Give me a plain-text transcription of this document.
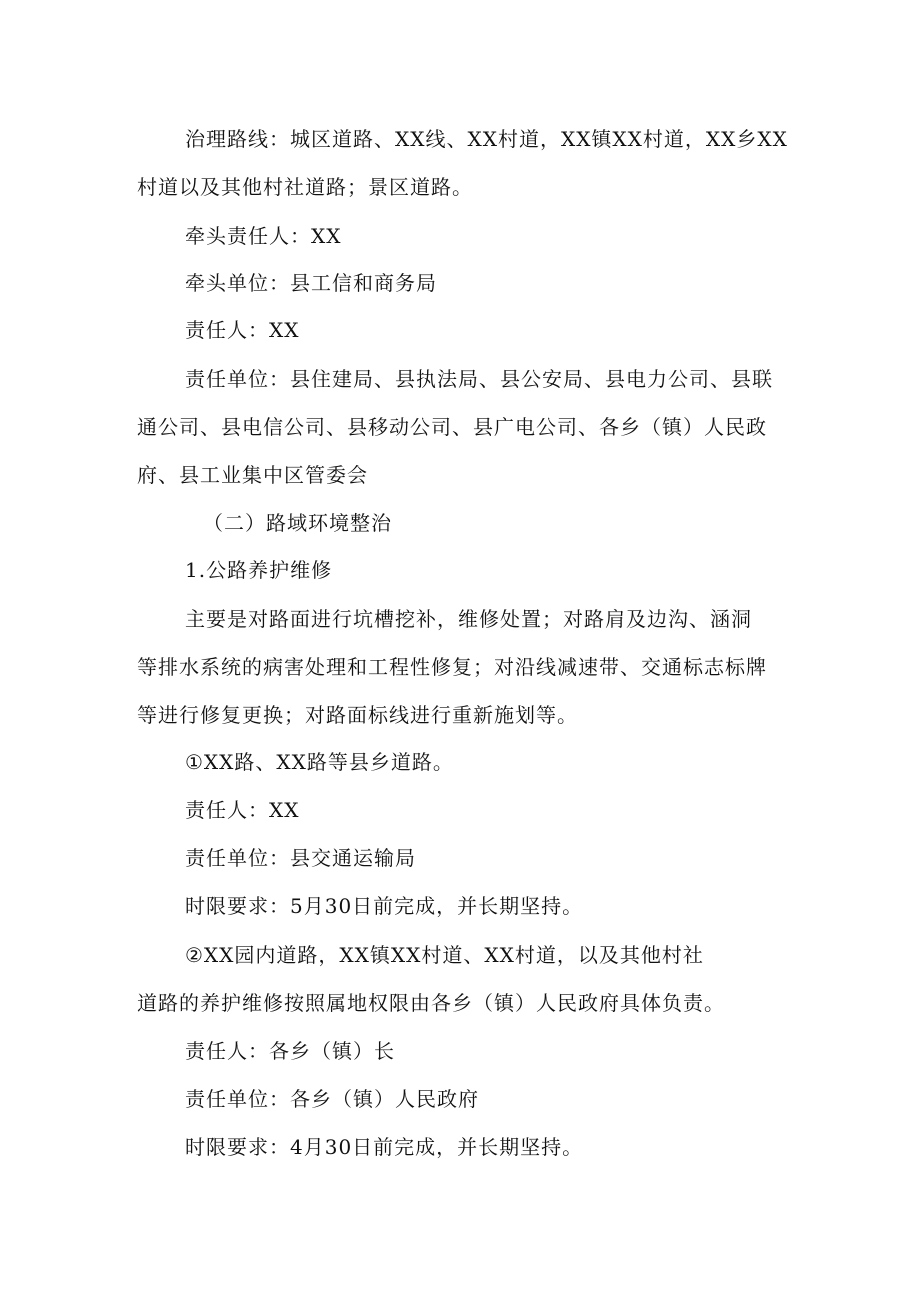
治理路线：城区道路、XX线、XX村道，XX镇XX村道，XX乡XX
村道以及其他村社道路；景区道路。

牵头责任人：XX

牵头单位：县工信和商务局

责任人：XX

责任单位：县住建局、县执法局、县公安局、县电力公司、县联
通公司、县电信公司、县移动公司、县广电公司、各乡（镇）人民政
府、县工业集中区管委会

（二）路域环境整治

1.公路养护维修

主要是对路面进行坑槽挖补，维修处置；对路肩及边沟、涵洞
等排水系统的病害处理和工程性修复；对沿线减速带、交通标志标牌
等进行修复更换；对路面标线进行重新施划等。

①XX路、XX路等县乡道路。

责任人：XX

责任单位：县交通运输局

时限要求：5月30日前完成，并长期坚持。

②XX园内道路，XX镇XX村道、XX村道，以及其他村社
道路的养护维修按照属地权限由各乡（镇）人民政府具体负责。

责任人：各乡（镇）长

责任单位：各乡（镇）人民政府

时限要求：4月30日前完成，并长期坚持。
